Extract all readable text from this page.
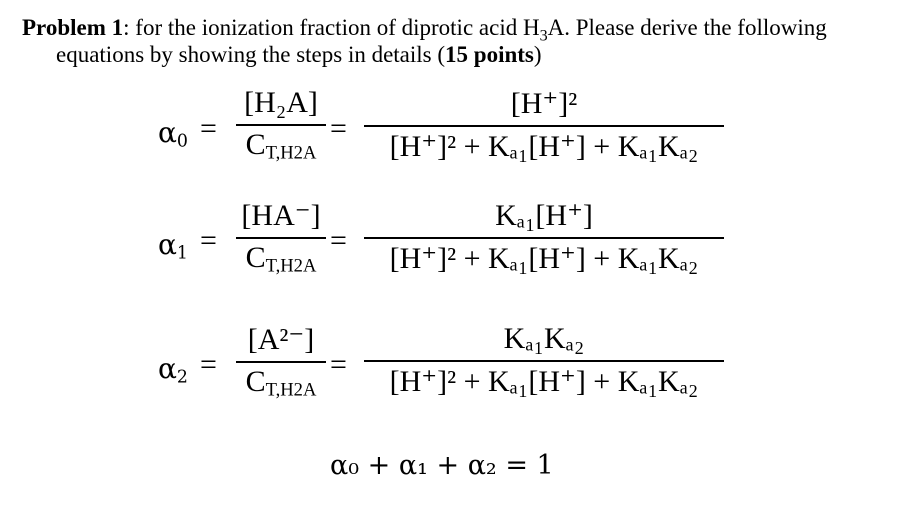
Problem 1: for the ionization fraction of diprotic acid $H_3A$. Please derive the following
equations by showing the steps in details (15 points)
α0 =
[H₂A]
CT,H2A
=
[H⁺]²
[H⁺]² + Kₐ₁[H⁺] + Kₐ₁Kₐ₂
α1 =
[HA⁻]
CT,H2A
=
Kₐ₁[H⁺]
[H⁺]² + Kₐ₁[H⁺] + Kₐ₁Kₐ₂
α2 =
[A²⁻]
CT,H2A
=
Kₐ₁Kₐ₂
[H⁺]² + Kₐ₁[H⁺] + Kₐ₁Kₐ₂
α₀ + α₁ + α₂ = 1
